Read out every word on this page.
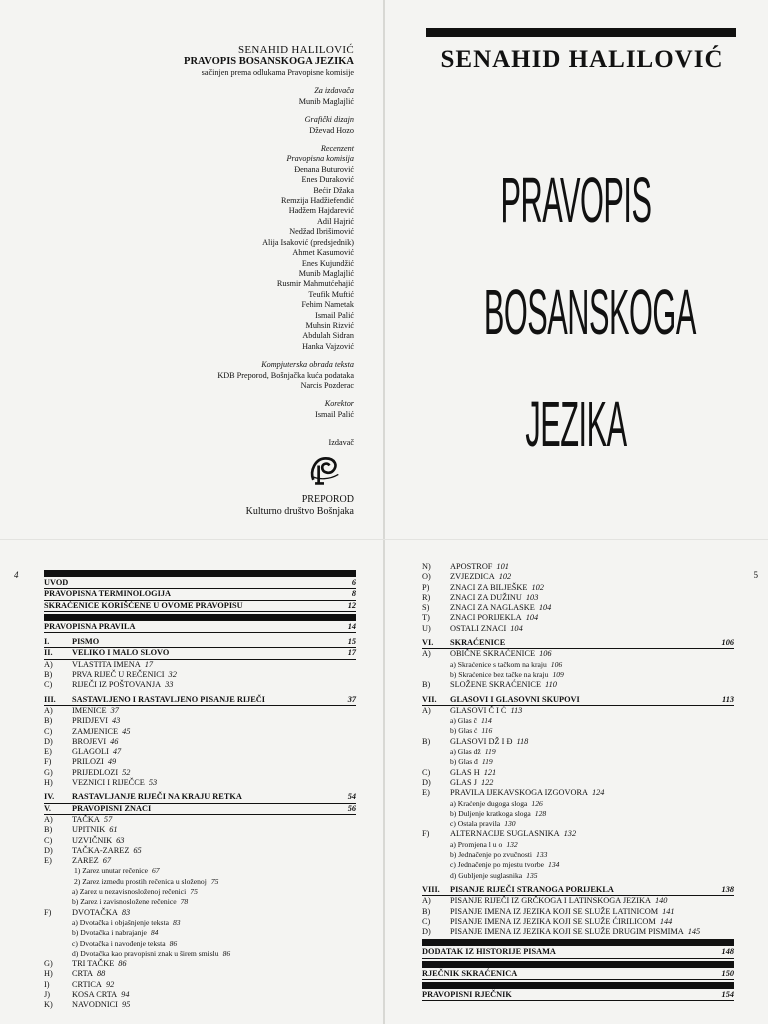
SENAHID HALILOVIĆ
PRAVOPIS BOSANSKOGA JEZIKA
sačinjen prema odlukama Pravopisne komisije
Za izdavača
Munib Maglajlić
Grafički dizajn
Dževad Hozo
Recenzent
Pravopisna komisija
Đenana Buturović
Enes Duraković
Bećir Džaka
Remzija Hadžiefendić
Hadžem Hajdarević
Adil Hajrić
Nedžad Ibrišimović
Alija Isaković (predsjednik)
Ahmet Kasumović
Enes Kujundžić
Munib Maglajlić
Rusmir Mahmutćehajić
Teufik Muftić
Fehim Nametak
Ismail Palić
Muhsin Rizvić
Abdulah Sidran
Hanka Vajzović
Kompjuterska obrada teksta
KDB Preporod, Bošnjačka kuća podataka
Narcis Pozderac
Korektor
Ismail Palić
Izdavač
PREPOROD
Kulturno društvo Bošnjaka
SENAHID HALILOVIĆ
PRAVOPIS
BOSANSKOGA
JEZIKA
4
UVOD	6
PRAVOPISNA TERMINOLOGIJA	8
SKRAĆENICE KORIŠĆENE U OVOME PRAVOPISU	12
PRAVOPISNA PRAVILA	14
I.	PISMO	15
II. VELIKO I MALO SLOVO	17
A) VLASTITA IMENA 17
B) PRVA RIJEČ U REČENICI 32
C) RIJEČI IZ POŠTOVANJA 33
III. SASTAVLJENO I RASTAVLJENO PISANJE RIJEČI	37
A) IMENICE 37
B) PRIDJEVI 43
C) ZAMJENICE 45
D) BROJEVI 46
E) GLAGOLI 47
F) PRILOZI 49
G) PRIJEDLOZI 52
H) VEZNICI I RIJEČCE 53
IV. RASTAVLJANJE RIJEČI NA KRAJU RETKA	54
V.	PRAVOPISNI ZNACI	56
A) TAČKA 57
B) UPITNIK 61
C) UZVIČNIK 63
D) TAČKA-ZAREZ 65
E) ZAREZ 67
1) Zarez unutar rečenice 67
2) Zarez između prostih rečenica u složenoj 75
a) Zarez u nezavisnosloženoj rečenici 75
b) Zarez i zavisnosložene rečenice 78
F) DVOTAČKA 83
a) Dvotačka i objašnjenje teksta 83
b) Dvotačka i nabrajanje 84
c) Dvotačka i navođenje teksta 86
d) Dvotačka kao pravopisni znak u širem smislu 86
G) TRI TAČKE 86
H) CRTA 88
I)	CRTICA 92
J)	KOSA CRTA 94
K) NAVODNICI 95
5
N) APOSTROF 101
O) ZVJEZDICA 102
P) ZNACI ZA BILJEŠKE 102
R) ZNACI ZA DUŽINU 103
S) ZNACI ZA NAGLASKE 104
T) ZNACI PORIJEKLA 104
U) OSTALI ZNACI 104
VI. SKRAĆENICE	106
A) OBIČNE SKRAĆENICE 106
a) Skraćenice s tačkom na kraju 106
b) Skraćenice bez tačke na kraju 109
B) SLOŽENE SKRAĆENICE 110
VII. GLASOVI I GLASOVNI SKUPOVI	113
A) GLASOVI Č I Ć 113
a) Glas č 114
b) Glas ć 116
B) GLASOVI DŽ I Đ 118
a) Glas dž 119
b) Glas đ 119
C) GLAS H 121
D) GLAS J 122
E) PRAVILA IJEKAVSKOGA IZGOVORA 124
a) Kraćenje dugoga sloga 126
b) Duljenje kratkoga sloga 128
c) Ostala pravila 130
F) ALTERNACIJE SUGLASNIKA 132
a) Promjena l u o 132
b) Jednačenje po zvučnosti 133
c) Jednačenje po mjestu tvorbe 134
d) Gubljenje suglasnika 135
VIII. PISANJE RIJEČI STRANOGA PORIJEKLA	138
A) PISANJE RIJEČI IZ GRČKOGA I LATINSKOGA JEZIKA 140
B) PISANJE IMENA IZ JEZIKA KOJI SE SLUŽE LATINICOM 141
C) PISANJE IMENA IZ JEZIKA KOJI SE SLUŽE ĆIRILICOM 144
D) PISANJE IMENA IZ JEZIKA KOJI SE SLUŽE DRUGIM PISMIMA 145
DODATAK IZ HISTORIJE PISAMA	148
RJEČNIK SKRAĆENICA	150
PRAVOPISNI RJEČNIK	154
